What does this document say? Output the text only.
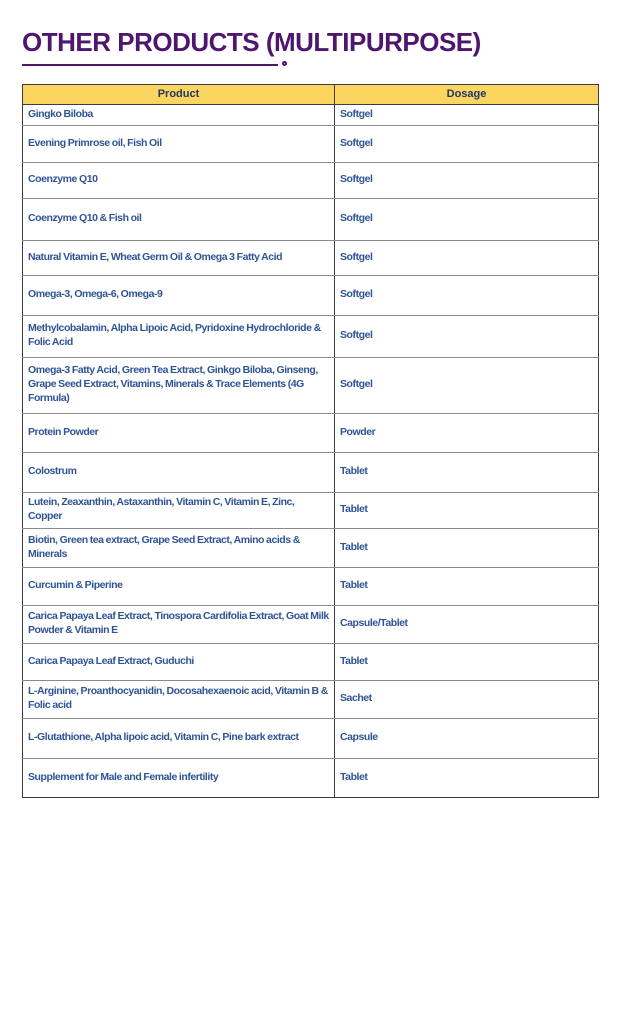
OTHER PRODUCTS (MULTIPURPOSE)
Product	Dosage
Gingko Biloba	Softgel
Evening Primrose oil, Fish Oil	Softgel
Coenzyme Q10	Softgel
Coenzyme Q10 & Fish oil	Softgel
Natural Vitamin E, Wheat Germ Oil & Omega 3 Fatty Acid	Softgel
Omega-3, Omega-6, Omega-9	Softgel
Methylcobalamin, Alpha Lipoic Acid, Pyridoxine Hydrochloride & Folic Acid	Softgel
Omega-3 Fatty Acid, Green Tea Extract, Ginkgo Biloba, Ginseng, Grape Seed Extract, Vitamins, Minerals & Trace Elements (4G Formula)	Softgel
Protein Powder	Powder
Colostrum	Tablet
Lutein, Zeaxanthin, Astaxanthin, Vitamin C, Vitamin E, Zinc, Copper	Tablet
Biotin, Green tea extract, Grape Seed Extract, Amino acids & Minerals	Tablet
Curcumin & Piperine	Tablet
Carica Papaya Leaf Extract, Tinospora Cardifolia Extract, Goat Milk Powder & Vitamin E	Capsule/Tablet
Carica Papaya Leaf Extract, Guduchi	Tablet
L-Arginine, Proanthocyanidin, Docosahexaenoic acid, Vitamin B & Folic acid	Sachet
L-Glutathione, Alpha lipoic acid, Vitamin C, Pine bark extract	Capsule
Supplement for Male and Female infertility	Tablet
